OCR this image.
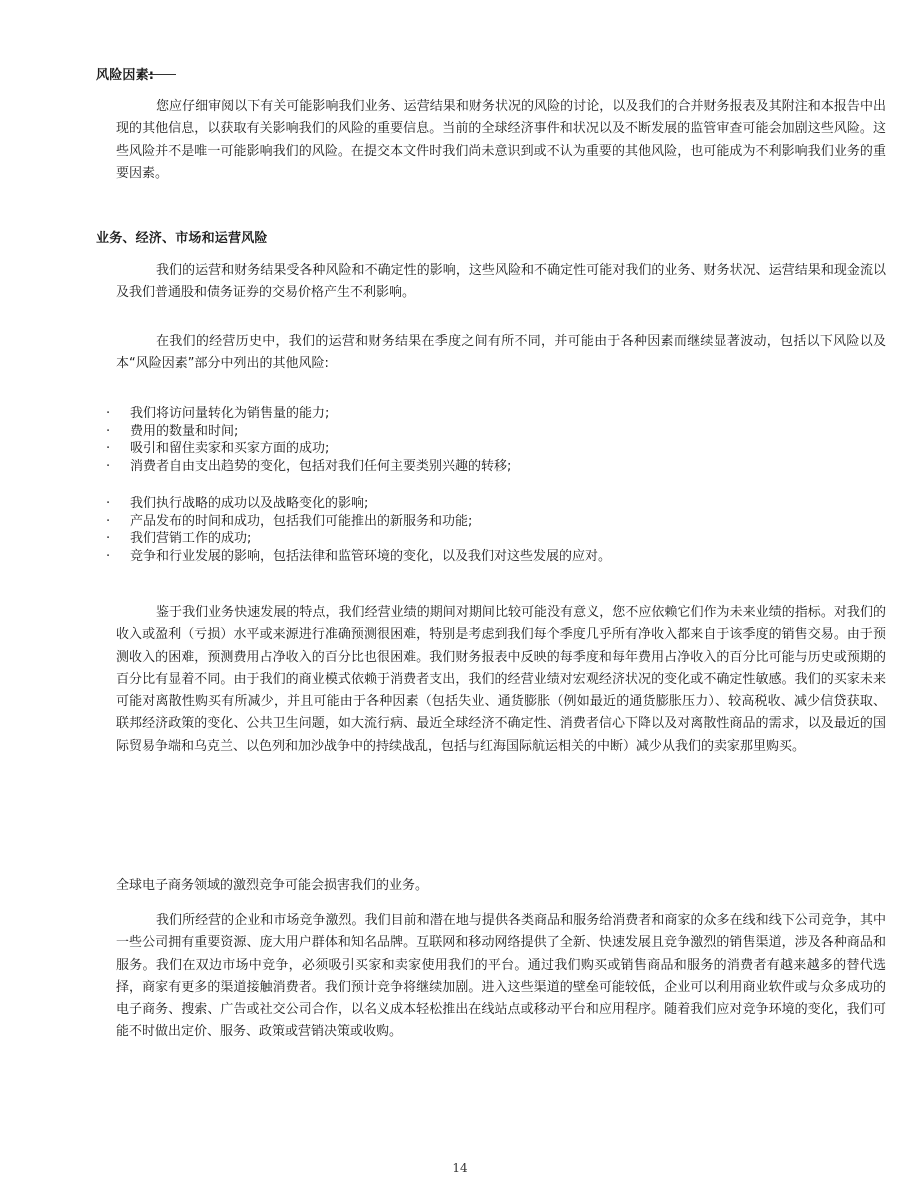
风险因素:

您应仔细审阅以下有关可能影响我们业务、运营结果和财务状况的风险的讨论，以及我们的合并财务报表及其附注和本报告中出现的其他信息，以获取有关影响我们的风险的重要信息。当前的全球经济事件和状况以及不断发展的监管审查可能会加剧这些风险。这些风险并不是唯一可能影响我们的风险。在提交本文件时我们尚未意识到或不认为重要的其他风险，也可能成为不利影响我们业务的重要因素。

业务、经济、市场和运营风险

我们的运营和财务结果受各种风险和不确定性的影响，这些风险和不确定性可能对我们的业务、财务状况、运营结果和现金流以及我们普通股和债务证券的交易价格产生不利影响。

在我们的经营历史中，我们的运营和财务结果在季度之间有所不同，并可能由于各种因素而继续显著波动，包括以下风险以及本“风险因素”部分中列出的其他风险:

· 我们将访问量转化为销售量的能力;
· 费用的数量和时间;
· 吸引和留住卖家和买家方面的成功;
· 消费者自由支出趋势的变化，包括对我们任何主要类别兴趣的转移;
· 我们执行战略的成功以及战略变化的影响;
· 产品发布的时间和成功，包括我们可能推出的新服务和功能;
· 我们营销工作的成功;
· 竞争和行业发展的影响，包括法律和监管环境的变化，以及我们对这些发展的应对。

鉴于我们业务快速发展的特点，我们经营业绩的期间对期间比较可能没有意义，您不应依赖它们作为未来业绩的指标。对我们的收入或盈利（亏损）水平或来源进行准确预测很困难，特别是考虑到我们每个季度几乎所有净收入都来自于该季度的销售交易。由于预测收入的困难，预测费用占净收入的百分比也很困难。我们财务报表中反映的每季度和每年费用占净收入的百分比可能与历史或预期的百分比有显着不同。由于我们的商业模式依赖于消费者支出，我们的经营业绩对宏观经济状况的变化或不确定性敏感。我们的买家未来可能对离散性购买有所减少，并且可能由于各种因素（包括失业、通货膨胀（例如最近的通货膨胀压力）、较高税收、减少信贷获取、联邦经济政策的变化、公共卫生问题，如大流行病、最近全球经济不确定性、消费者信心下降以及对离散性商品的需求，以及最近的国际贸易争端和乌克兰、以色列和加沙战争中的持续战乱，包括与红海国际航运相关的中断）减少从我们的卖家那里购买。

全球电子商务领域的激烈竞争可能会损害我们的业务。

我们所经营的企业和市场竞争激烈。我们目前和潜在地与提供各类商品和服务给消费者和商家的众多在线和线下公司竞争，其中一些公司拥有重要资源、庞大用户群体和知名品牌。互联网和移动网络提供了全新、快速发展且竞争激烈的销售渠道，涉及各种商品和服务。我们在双边市场中竞争，必须吸引买家和卖家使用我们的平台。通过我们购买或销售商品和服务的消费者有越来越多的替代选择，商家有更多的渠道接触消费者。我们预计竞争将继续加剧。进入这些渠道的壁垒可能较低，企业可以利用商业软件或与众多成功的电子商务、搜索、广告或社交公司合作，以名义成本轻松推出在线站点或移动平台和应用程序。随着我们应对竞争环境的变化，我们可能不时做出定价、服务、政策或营销决策或收购。

14
